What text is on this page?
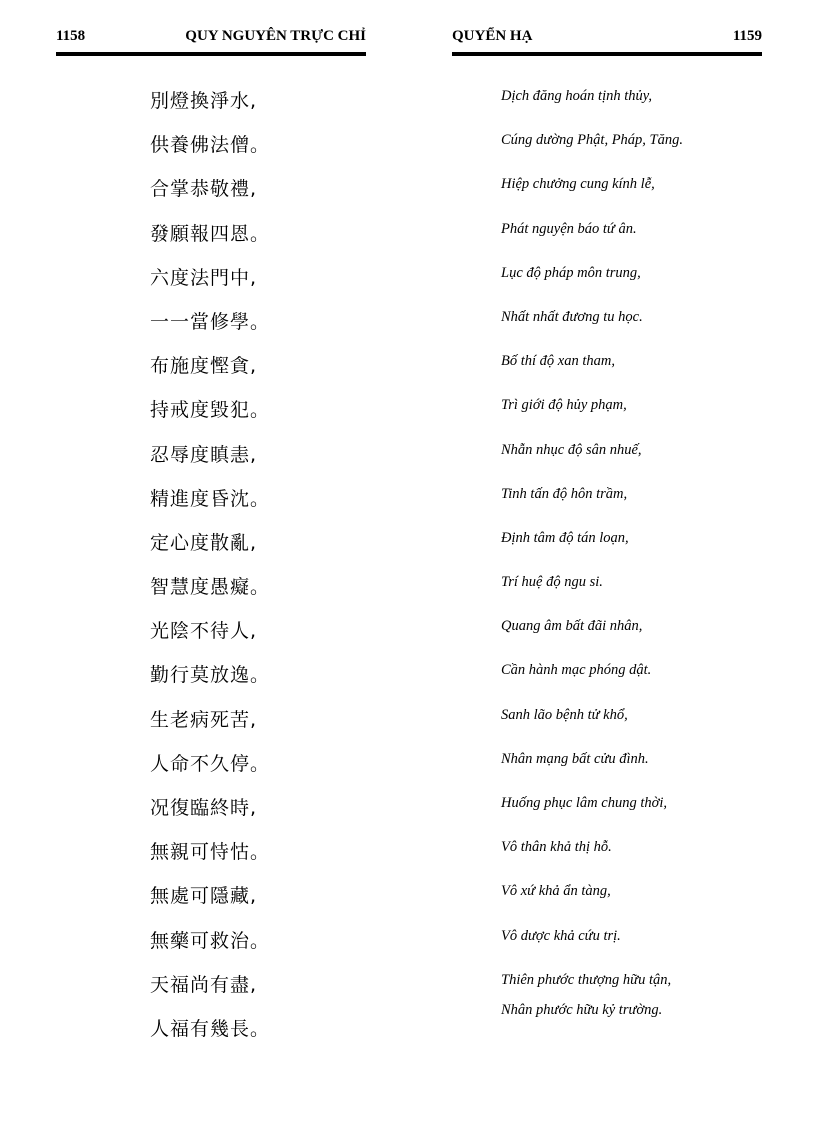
1158	QUY NGUYÊN TRỰC CHỈ	QUYỂN HẠ	1159
別燈換淨水,
供養佛法僧。
合掌恭敬禮,
發願報四恩。
六度法門中,
一一當修學。
布施度慳貪,
持戒度毀犯。
忍辱度瞋恚,
精進度昏沈。
定心度散亂,
智慧度愚癡。
光陰不待人,
勤行莫放逸。
生老病死苦,
人命不久停。
况復臨終時,
無親可恃怙。
無處可隱藏,
無藥可救治。
天福尚有盡,
人福有幾長。
Dịch đăng hoán tịnh thủy,
Cúng dường Phật, Pháp, Tăng.
Hiệp chưởng cung kính lễ,
Phát nguyện báo tứ ân.
Lục độ pháp môn trung,
Nhất nhất đương tu học.
Bố thí độ xan tham,
Trì giới độ hủy phạm,
Nhẫn nhục độ sân nhuế,
Tinh tấn độ hôn trầm,
Định tâm độ tán loạn,
Trí huệ độ ngu si.
Quang âm bất đãi nhân,
Cần hành mạc phóng dật.
Sanh lão bệnh tử khổ,
Nhân mạng bất cửu đình.
Huống phục lâm chung thời,
Vô thân khả thị hỗ.
Vô xứ khả ẩn tàng,
Vô dược khả cứu trị.
Thiên phước thượng hữu tận,
Nhân phước hữu kỷ trường.
